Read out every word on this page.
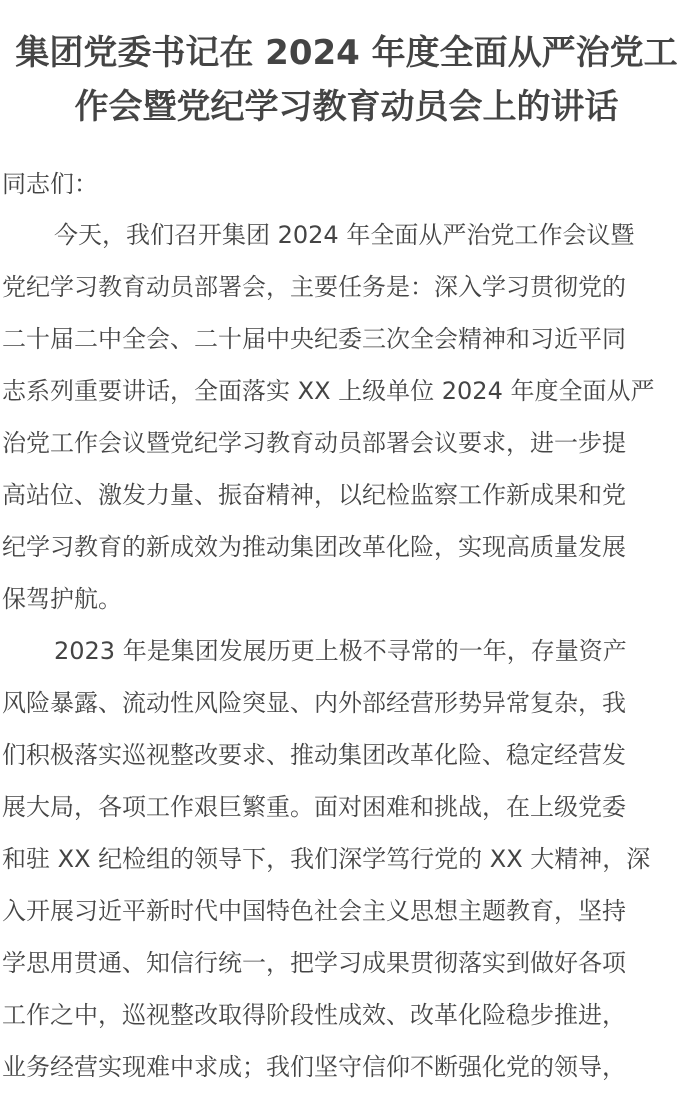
集团党委书记在 2024 年度全面从严治党工
作会暨党纪学习教育动员会上的讲话

同志们：

今天，我们召开集团 2024 年全面从严治党工作会议暨
党纪学习教育动员部署会，主要任务是：深入学习贯彻党的
二十届二中全会、二十届中央纪委三次全会精神和习近平同
志系列重要讲话，全面落实 XX 上级单位 2024 年度全面从严
治党工作会议暨党纪学习教育动员部署会议要求，进一步提
高站位、激发力量、振奋精神，以纪检监察工作新成果和党
纪学习教育的新成效为推动集团改革化险，实现高质量发展
保驾护航。

2023 年是集团发展历更上极不寻常的一年，存量资产
风险暴露、流动性风险突显、内外部经营形势异常复杂，我
们积极落实巡视整改要求、推动集团改革化险、稳定经营发
展大局，各项工作艰巨繁重。面对困难和挑战，在上级党委
和驻 XX 纪检组的领导下，我们深学笃行党的 XX 大精神，深
入开展习近平新时代中国特色社会主义思想主题教育，坚持
学思用贯通、知信行统一，把学习成果贯彻落实到做好各项
工作之中，巡视整改取得阶段性成效、改革化险稳步推进，
业务经营实现难中求成；我们坚守信仰不断强化党的领导，
